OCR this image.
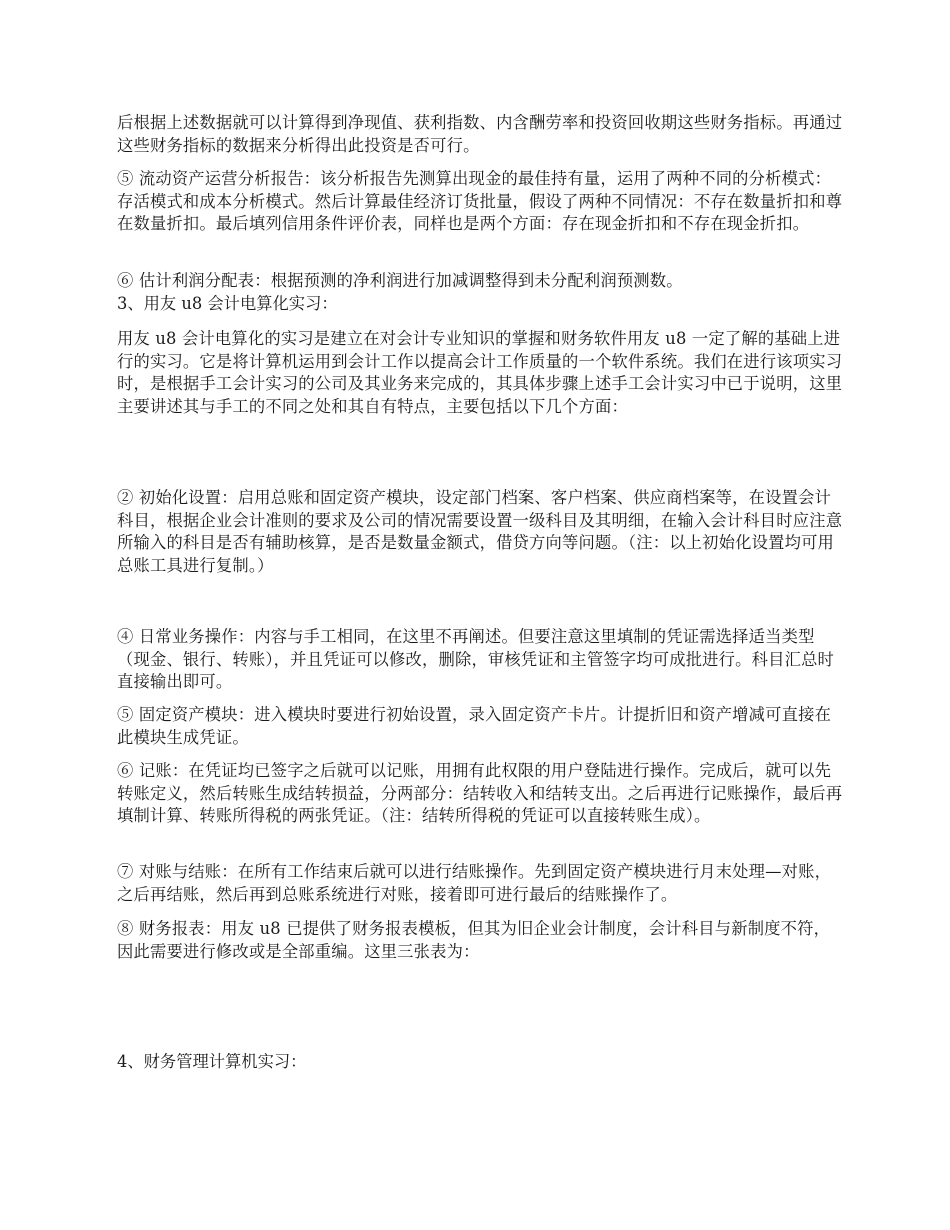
后根据上述数据就可以计算得到净现值、获利指数、内含酬劳率和投资回收期这些财务指标。再通过这些财务指标的数据来分析得出此投资是否可行。

⑤ 流动资产运营分析报告：该分析报告先测算出现金的最佳持有量，运用了两种不同的分析模式：存活模式和成本分析模式。然后计算最佳经济订货批量，假设了两种不同情况：不存在数量折扣和尊在数量折扣。最后填列信用条件评价表，同样也是两个方面：存在现金折扣和不存在现金折扣。

⑥ 估计利润分配表：根据预测的净利润进行加减调整得到未分配利润预测数。

3、用友 u8 会计电算化实习：

用友 u8 会计电算化的实习是建立在对会计专业知识的掌握和财务软件用友 u8 一定了解的基础上进行的实习。它是将计算机运用到会计工作以提高会计工作质量的一个软件系统。我们在进行该项实习时，是根据手工会计实习的公司及其业务来完成的，其具体步骤上述手工会计实习中已于说明，这里主要讲述其与手工的不同之处和其自有特点，主要包括以下几个方面：

② 初始化设置：启用总账和固定资产模块，设定部门档案、客户档案、供应商档案等，在设置会计科目，根据企业会计准则的要求及公司的情况需要设置一级科目及其明细，在输入会计科目时应注意所输入的科目是否有辅助核算，是否是数量金额式，借贷方向等问题。（注：以上初始化设置均可用总账工具进行复制。）

④ 日常业务操作：内容与手工相同，在这里不再阐述。但要注意这里填制的凭证需选择适当类型（现金、银行、转账），并且凭证可以修改，删除，审核凭证和主管签字均可成批进行。科目汇总时直接输出即可。

⑤ 固定资产模块：进入模块时要进行初始设置，录入固定资产卡片。计提折旧和资产增减可直接在此模块生成凭证。

⑥ 记账：在凭证均已签字之后就可以记账，用拥有此权限的用户登陆进行操作。完成后，就可以先转账定义，然后转账生成结转损益，分两部分：结转收入和结转支出。之后再进行记账操作，最后再填制计算、转账所得税的两张凭证。（注：结转所得税的凭证可以直接转账生成）。

⑦ 对账与结账：在所有工作结束后就可以进行结账操作。先到固定资产模块进行月末处理—对账，之后再结账，然后再到总账系统进行对账，接着即可进行最后的结账操作了。

⑧ 财务报表：用友 u8 已提供了财务报表模板，但其为旧企业会计制度，会计科目与新制度不符，因此需要进行修改或是全部重编。这里三张表为：

4、财务管理计算机实习：
